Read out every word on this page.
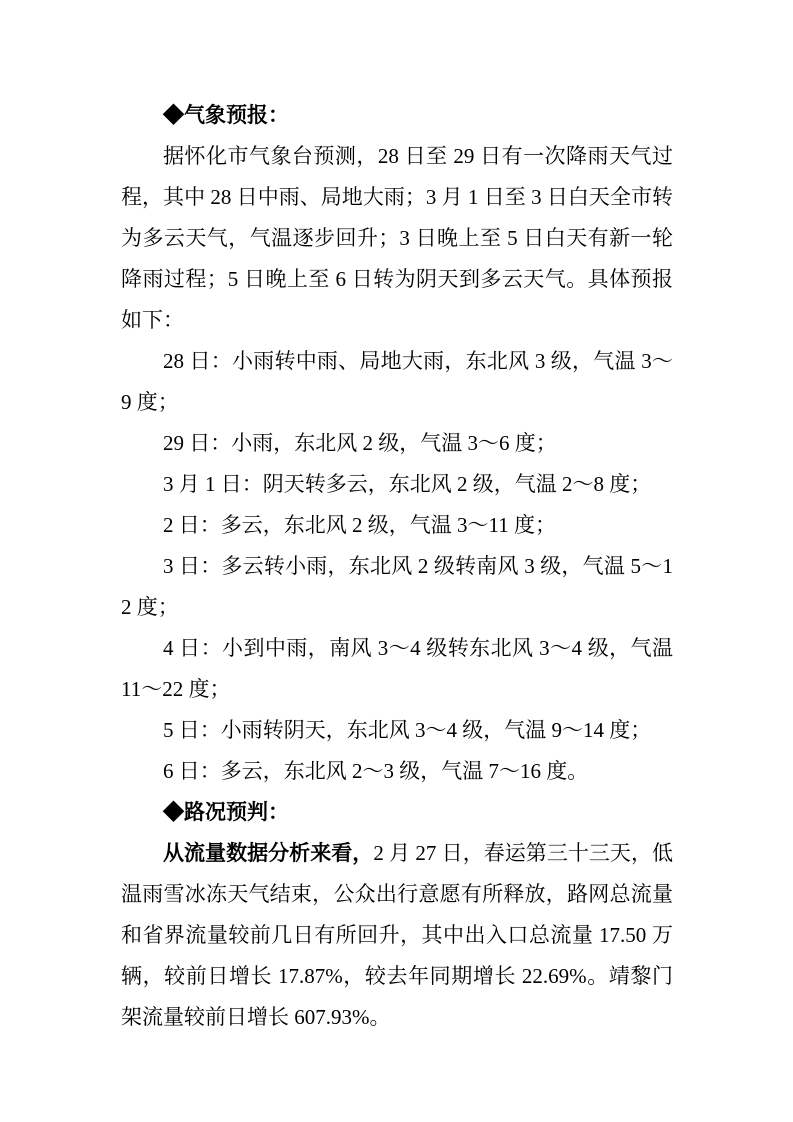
◆气象预报：

据怀化市气象台预测，28 日至 29 日有一次降雨天气过程，其中 28 日中雨、局地大雨；3 月 1 日至 3 日白天全市转为多云天气，气温逐步回升；3 日晚上至 5 日白天有新一轮降雨过程；5 日晚上至 6 日转为阴天到多云天气。具体预报如下：

28 日：小雨转中雨、局地大雨，东北风 3 级，气温 3～9 度；

29 日：小雨，东北风 2 级，气温 3～6 度；

3 月 1 日：阴天转多云，东北风 2 级，气温 2～8 度；

2 日：多云，东北风 2 级，气温 3～11 度；

3 日：多云转小雨，东北风 2 级转南风 3 级，气温 5～12 度；

4 日：小到中雨，南风 3～4 级转东北风 3～4 级，气温 11～22 度；

5 日：小雨转阴天，东北风 3～4 级，气温 9～14 度；

6 日：多云，东北风 2～3 级，气温 7～16 度。

◆路况预判：

从流量数据分析来看，2 月 27 日，春运第三十三天，低温雨雪冰冻天气结束，公众出行意愿有所释放，路网总流量和省界流量较前几日有所回升，其中出入口总流量 17.50 万辆，较前日增长 17.87%，较去年同期增长 22.69%。靖黎门架流量较前日增长 607.93%。
